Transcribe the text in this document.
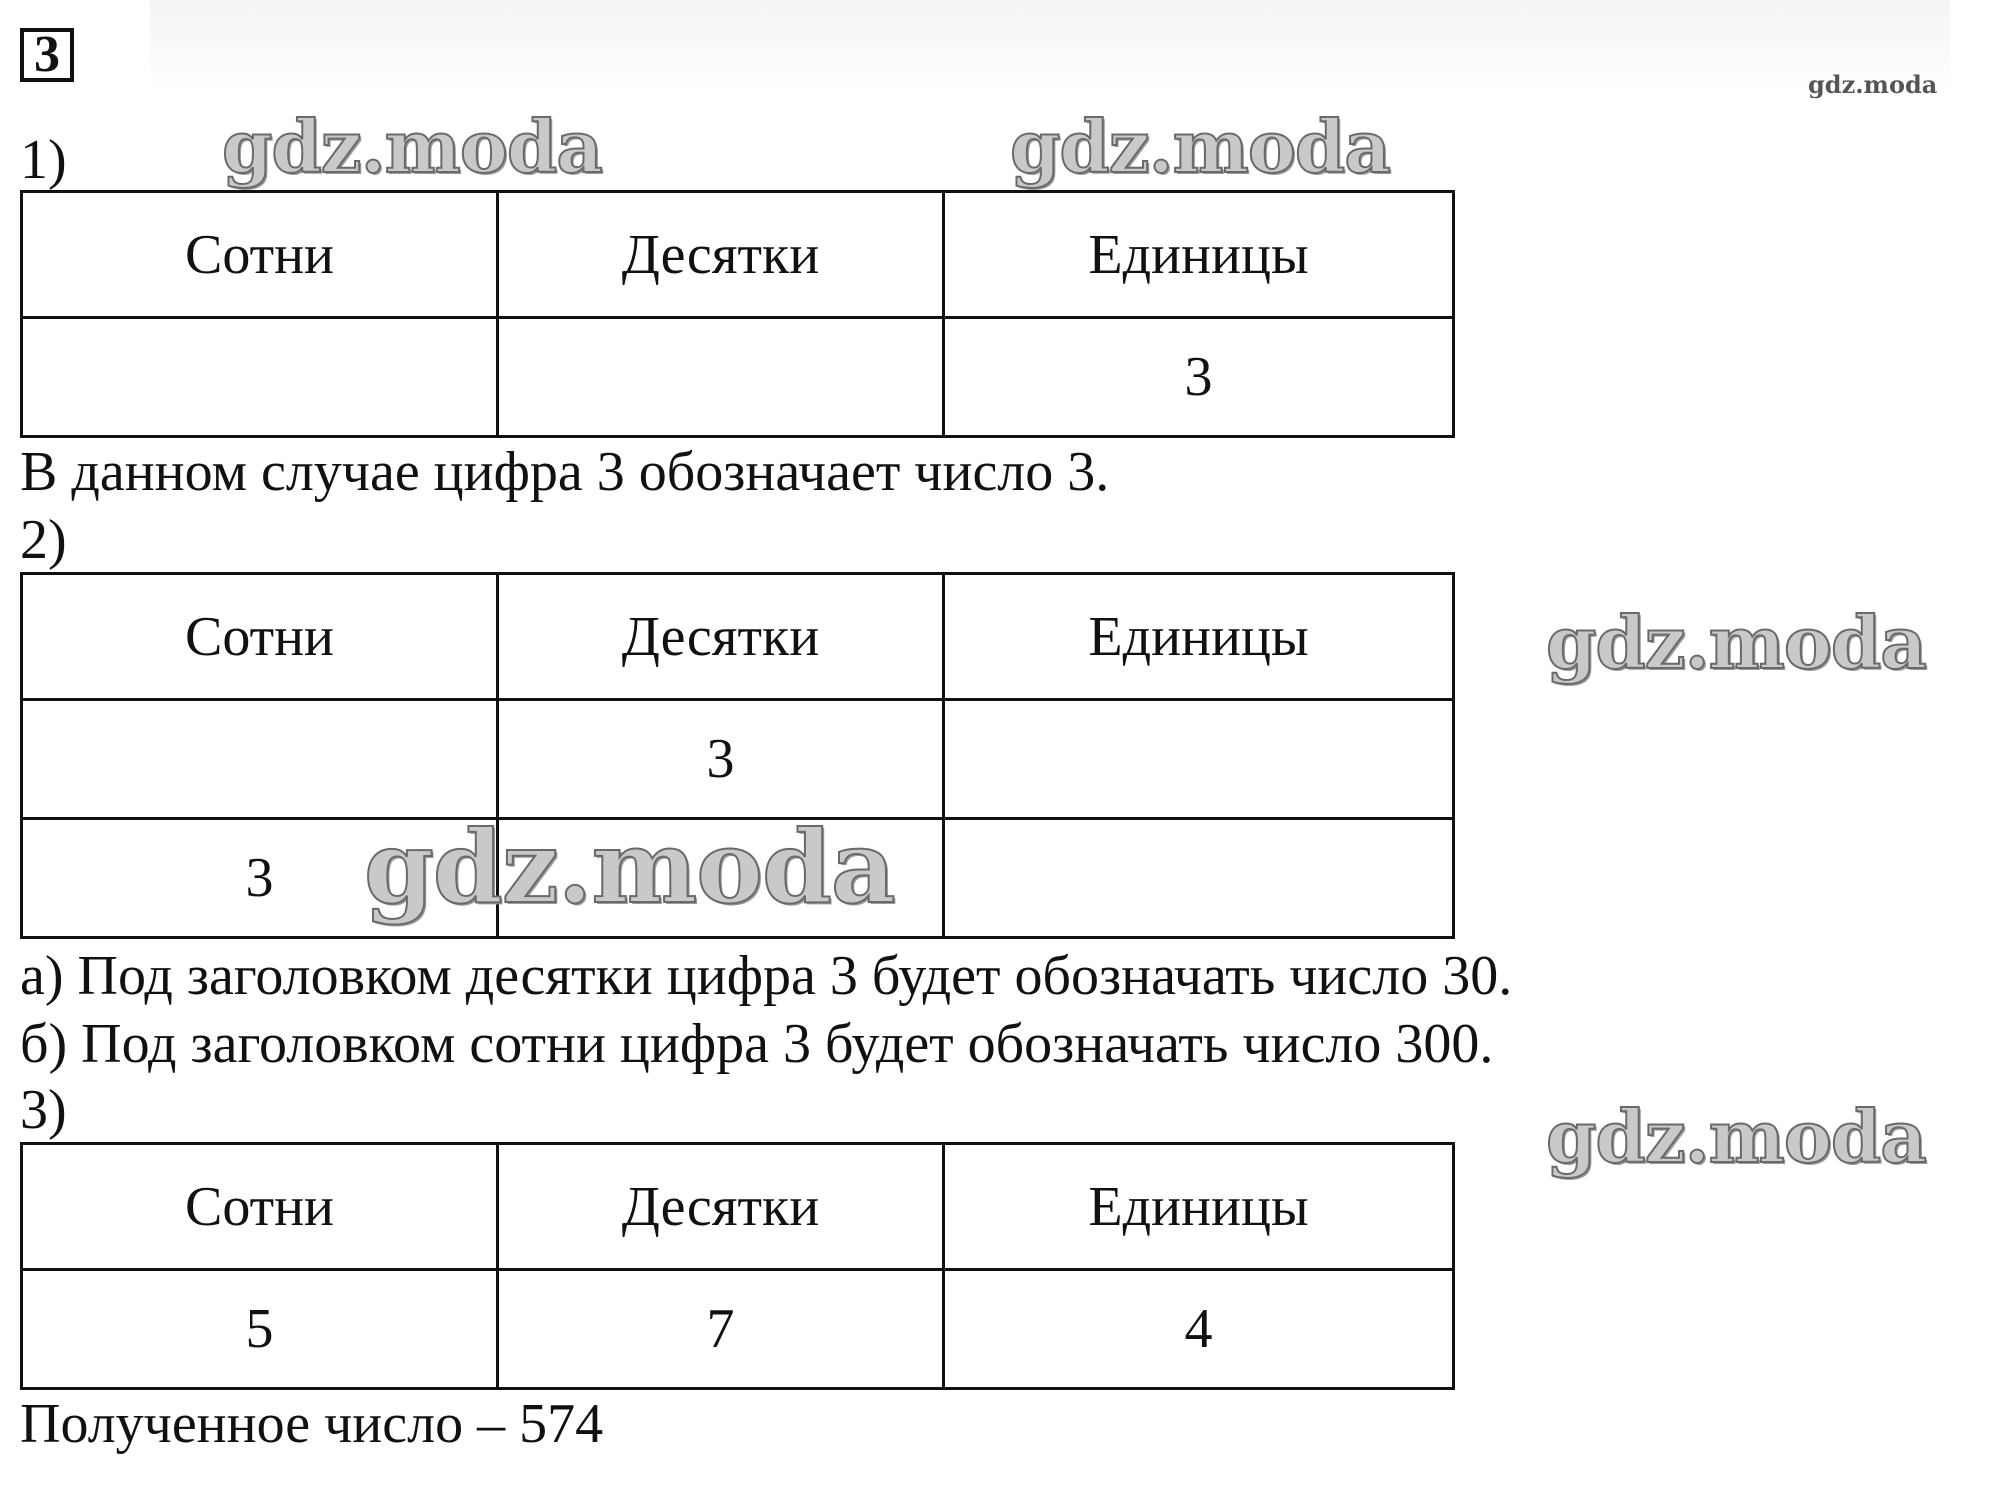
3
gdz.moda
1)
Сотни	Десятки	Единицы
		3
В данном случае цифра 3 обозначает число 3.
2)
Сотни	Десятки	Единицы
	3	
3		
а) Под заголовком десятки цифра 3 будет обозначать число 30.
б) Под заголовком сотни цифра 3 будет обозначать число 300.
3)
Сотни	Десятки	Единицы
5	7	4
Полученное число – 574
gdz.moda	gdz.moda
gdz.moda
gdz.moda
gdz.moda
